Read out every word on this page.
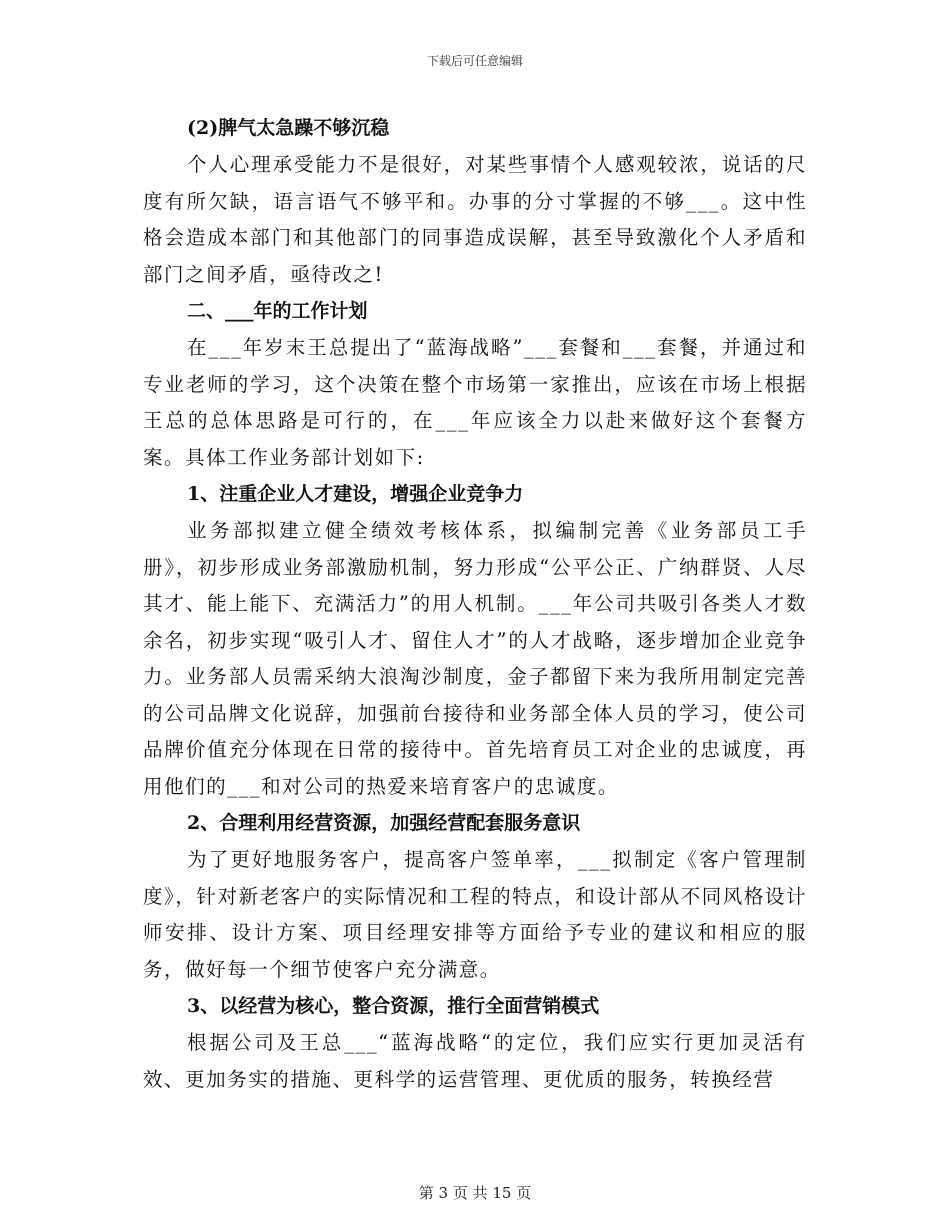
下载后可任意编辑
(2)脾气太急躁不够沉稳

个人心理承受能力不是很好，对某些事情个人感观较浓，说话的尺度有所欠缺，语言语气不够平和。办事的分寸掌握的不够___。这中性格会造成本部门和其他部门的同事造成误解，甚至导致激化个人矛盾和部门之间矛盾，亟待改之!

二、___年的工作计划

在___年岁末王总提出了“蓝海战略”___套餐和___套餐，并通过和专业老师的学习，这个决策在整个市场第一家推出，应该在市场上根据王总的总体思路是可行的，在___年应该全力以赴来做好这个套餐方案。具体工作业务部计划如下:

1、注重企业人才建设，增强企业竞争力

业务部拟建立健全绩效考核体系，拟编制完善《业务部员工手册》，初步形成业务部激励机制，努力形成“公平公正、广纳群贤、人尽其才、能上能下、充满活力”的用人机制。___年公司共吸引各类人才数余名，初步实现“吸引人才、留住人才”的人才战略，逐步增加企业竞争力。业务部人员需采纳大浪淘沙制度，金子都留下来为我所用制定完善的公司品牌文化说辞，加强前台接待和业务部全体人员的学习，使公司品牌价值充分体现在日常的接待中。首先培育员工对企业的忠诚度，再用他们的___和对公司的热爱来培育客户的忠诚度。

2、合理利用经营资源，加强经营配套服务意识

为了更好地服务客户，提高客户签单率，___拟制定《客户管理制度》，针对新老客户的实际情况和工程的特点，和设计部从不同风格设计师安排、设计方案、项目经理安排等方面给予专业的建议和相应的服务，做好每一个细节使客户充分满意。

3、以经营为核心，整合资源，推行全面营销模式

根据公司及王总___“蓝海战略“的定位，我们应实行更加灵活有效、更加务实的措施、更科学的运营管理、更优质的服务，转换经营

第 3 页 共 15 页
